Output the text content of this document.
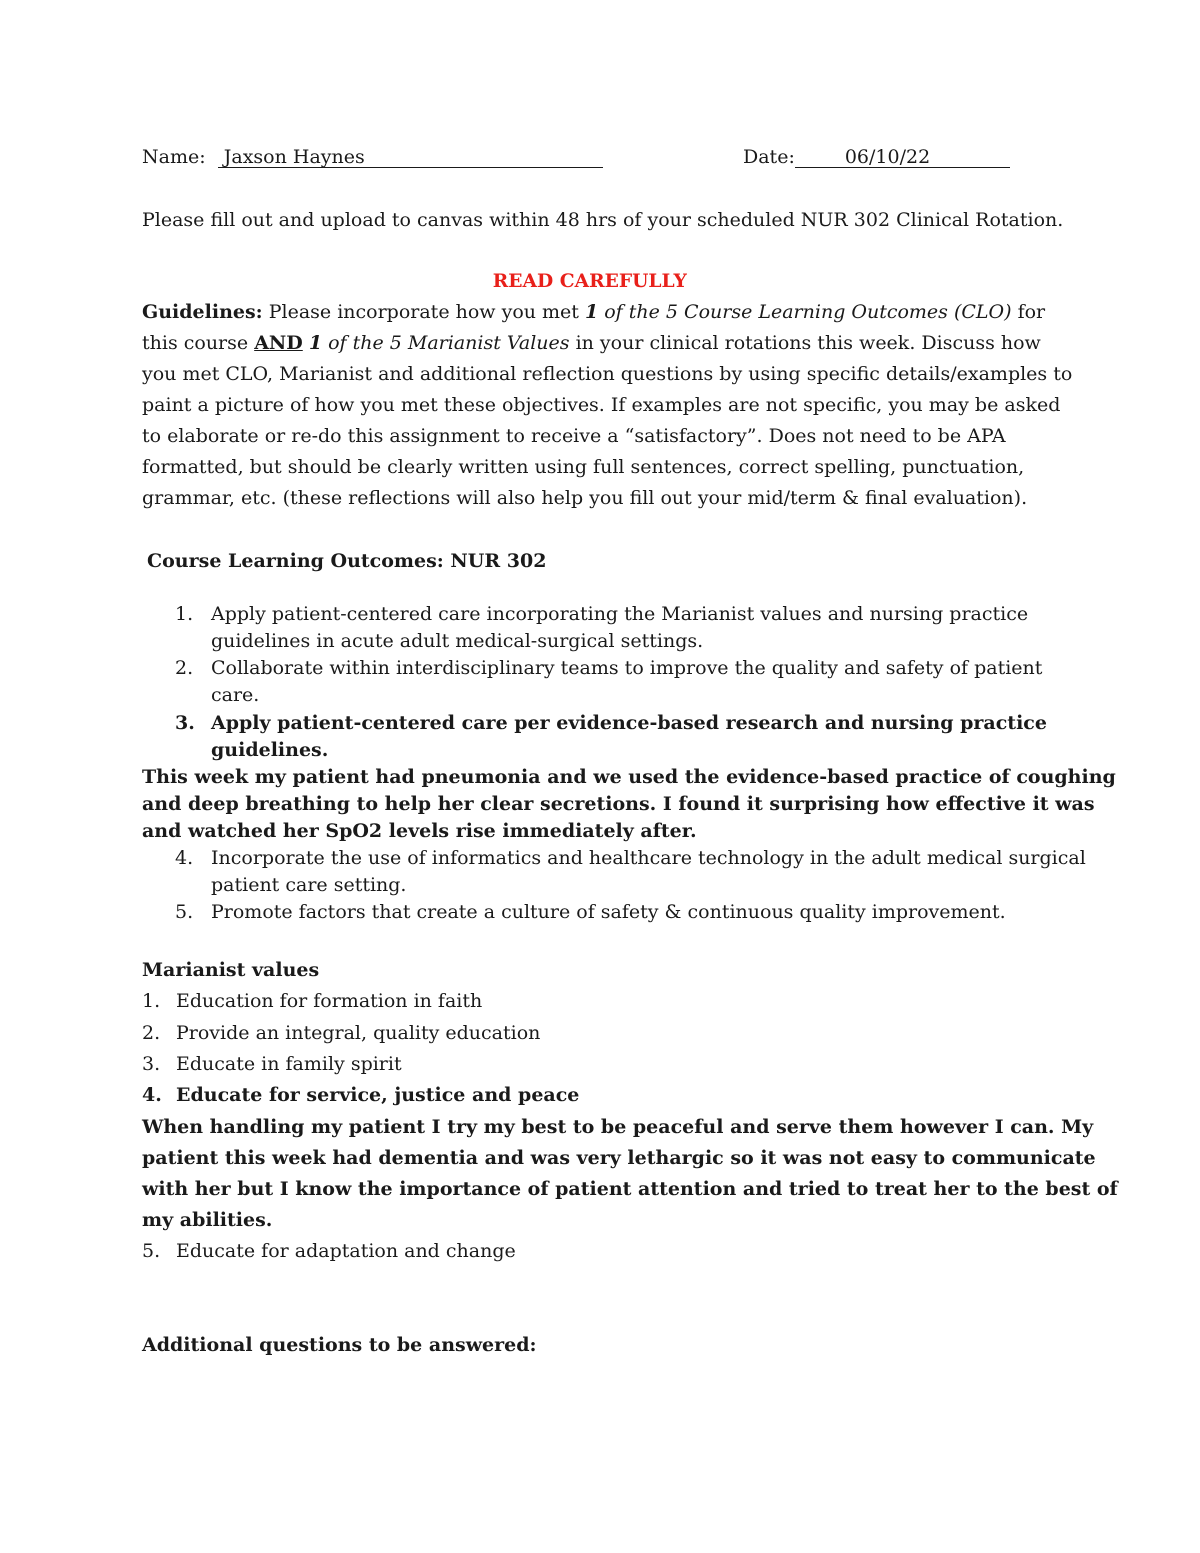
Name: Jaxson Haynes	Date:	06/10/22
Please fill out and upload to canvas within 48 hrs of your scheduled NUR 302 Clinical Rotation.
READ CAREFULLY
Guidelines: Please incorporate how you met 1 of the 5 Course Learning Outcomes (CLO) for
this course AND 1 of the 5 Marianist Values in your clinical rotations this week. Discuss how
you met CLO, Marianist and additional reflection questions by using specific details/examples to
paint a picture of how you met these objectives. If examples are not specific, you may be asked
to elaborate or re-do this assignment to receive a “satisfactory”. Does not need to be APA
formatted, but should be clearly written using full sentences, correct spelling, punctuation,
grammar, etc. (these reflections will also help you fill out your mid/term & final evaluation).
Course Learning Outcomes: NUR 302
1. Apply patient-centered care incorporating the Marianist values and nursing practice
guidelines in acute adult medical-surgical settings.
2. Collaborate within interdisciplinary teams to improve the quality and safety of patient
care.
3. Apply patient-centered care per evidence-based research and nursing practice
guidelines.
This week my patient had pneumonia and we used the evidence-based practice of coughing
and deep breathing to help her clear secretions. I found it surprising how effective it was
and watched her SpO2 levels rise immediately after.
4. Incorporate the use of informatics and healthcare technology in the adult medical surgical
patient care setting.
5. Promote factors that create a culture of safety & continuous quality improvement.
Marianist values
1. Education for formation in faith
2. Provide an integral, quality education
3. Educate in family spirit
4. Educate for service, justice and peace
When handling my patient I try my best to be peaceful and serve them however I can. My
patient this week had dementia and was very lethargic so it was not easy to communicate
with her but I know the importance of patient attention and tried to treat her to the best of
my abilities.
5. Educate for adaptation and change
Additional questions to be answered:
